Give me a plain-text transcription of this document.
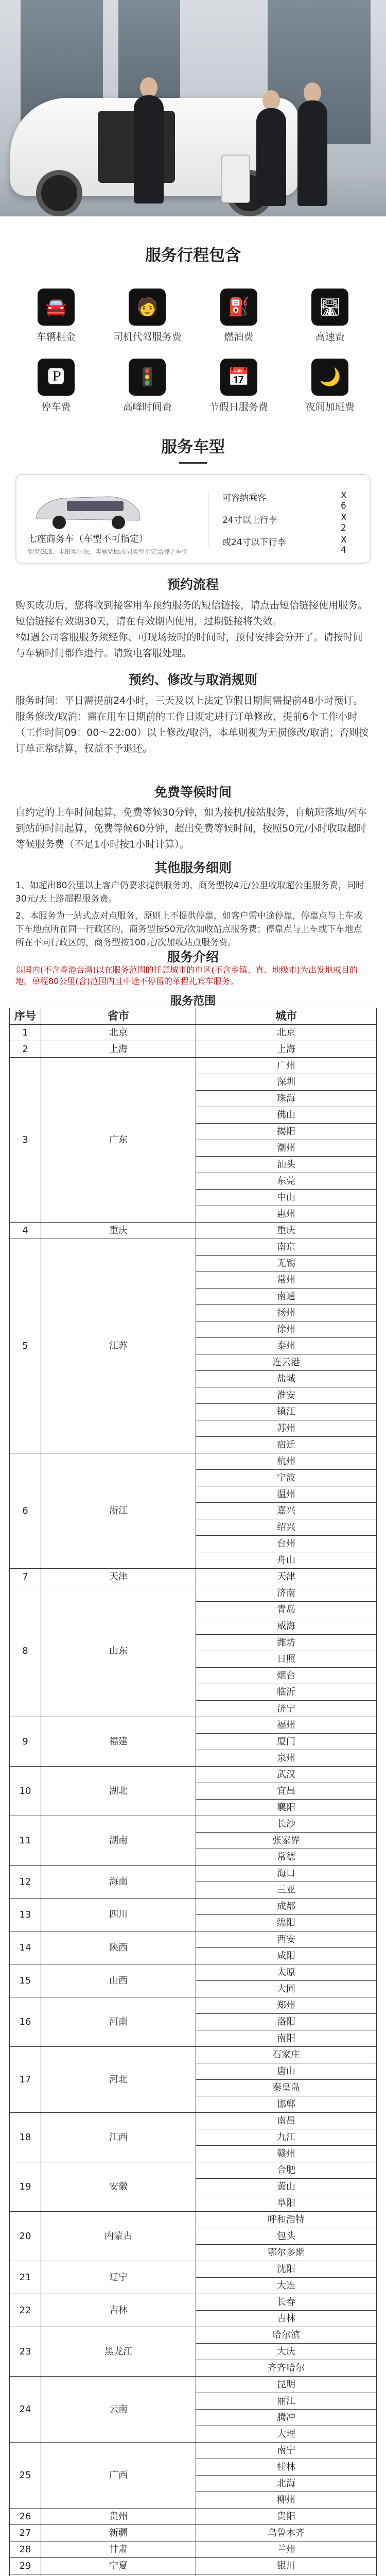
服务行程包含
🚘
车辆租金
🧑
司机代驾服务费
⛽
燃油费
🛣
高速费
🅿
停车费
🚦
高峰时间费
📅
节假日服务费
🌙
夜间加班费
服务车型
七座商务车（车型不可指定）
别克GL8、丰田埃尔法、奔驰Vito或同类型指定品牌之车型
可容纳乘客	X 6
24寸以上行李	X 2
或24寸以下行李	X 4
预约流程

购买成功后，您将收到接客用车预约服务的短信链接，请点击短信链接使用服务。
短信链接有效期30天，请在有效期内使用，过期链接将失效。
*如遇公司客服服务须经你、可现场按时的时间时，预付安排会分开了。请按时间与车辆时间都作进行。请致电客服处理。

预约、修改与取消规则

服务时间：平日需提前24小时，三天及以上法定节假日期间需提前48小时预订。
服务修改/取消：需在用车日期前的工作日规定进行订单修改，提前6个工作小时（工作时间09：00～22:00）以上修改/取消，本单则视为无损修改/取消；否则按订单正常结算，权益不予退还。

免费等候时间

自约定的上车时间起算，免费等候30分钟，如为接机/接站服务，自航班落地/列车到站的时间起算，免费等候60分钟，超出免费等候时间，按照50元/小时收取超时等候服务费（不足1小时按1小时计算）。

其他服务细则

1、如超出80公里以上客户仍要求提供服务的，商务型按4元/公里收取超公里服务费，同时30元/天上路超程服务费。

2、本服务为一站式点对点服务，原则上不提供停靠，如客户需中途停靠，停靠点与上车或下车地点所在同一行政区的，商务型按50元/次加收站点服务费；停靠点与上车或下车地点所在不同行政区的，商务型按100元/次加收站点服务费。

服务介绍

以国内(不含香港台湾)以在服务范围的任意城市的市区(不含乡镇、直、地级市)为出发地或目的地，单程80公里(含)范围内且中途不停留的单程礼宾车服务。

服务范围
序号	省市	城市
1	北京	北京
2	上海	上海
3	广东	广州
		深圳
		珠海
		佛山
		揭阳
		潮州
		汕头
		东莞
		中山
		惠州
4	重庆	重庆
5	江苏	南京
		无锡
		常州
		南通
		扬州
		徐州
		泰州
		连云港
		盐城
		淮安
		镇江
		苏州
		宿迁
6	浙江	杭州
		宁波
		温州
		嘉兴
		绍兴
		台州
		舟山
7	天津	天津
8	山东	济南
		青岛
		威海
		潍坊
		日照
		烟台
		临沂
		济宁
9	福建	福州
		厦门
		泉州
10	湖北	武汉
		宜昌
		襄阳
11	湖南	长沙
		张家界
		常德
12	海南	海口
		三亚
13	四川	成都
		绵阳
14	陕西	西安
		咸阳
15	山西	太原
		大同
16	河南	郑州
		洛阳
		南阳
17	河北	石家庄
		唐山
		秦皇岛
		邯郸
18	江西	南昌
		九江
		赣州
19	安徽	合肥
		黄山
		阜阳
20	内蒙古	呼和浩特
		包头
		鄂尔多斯
21	辽宁	沈阳
		大连
22	吉林	长春
		吉林
23	黑龙江	哈尔滨
		大庆
		齐齐哈尔
24	云南	昆明
		丽江
		腾冲
		大理
25	广西	南宁
		桂林
		北海
		柳州
26	贵州	贵阳
27	新疆	乌鲁木齐
28	甘肃	兰州
29	宁夏	银川
